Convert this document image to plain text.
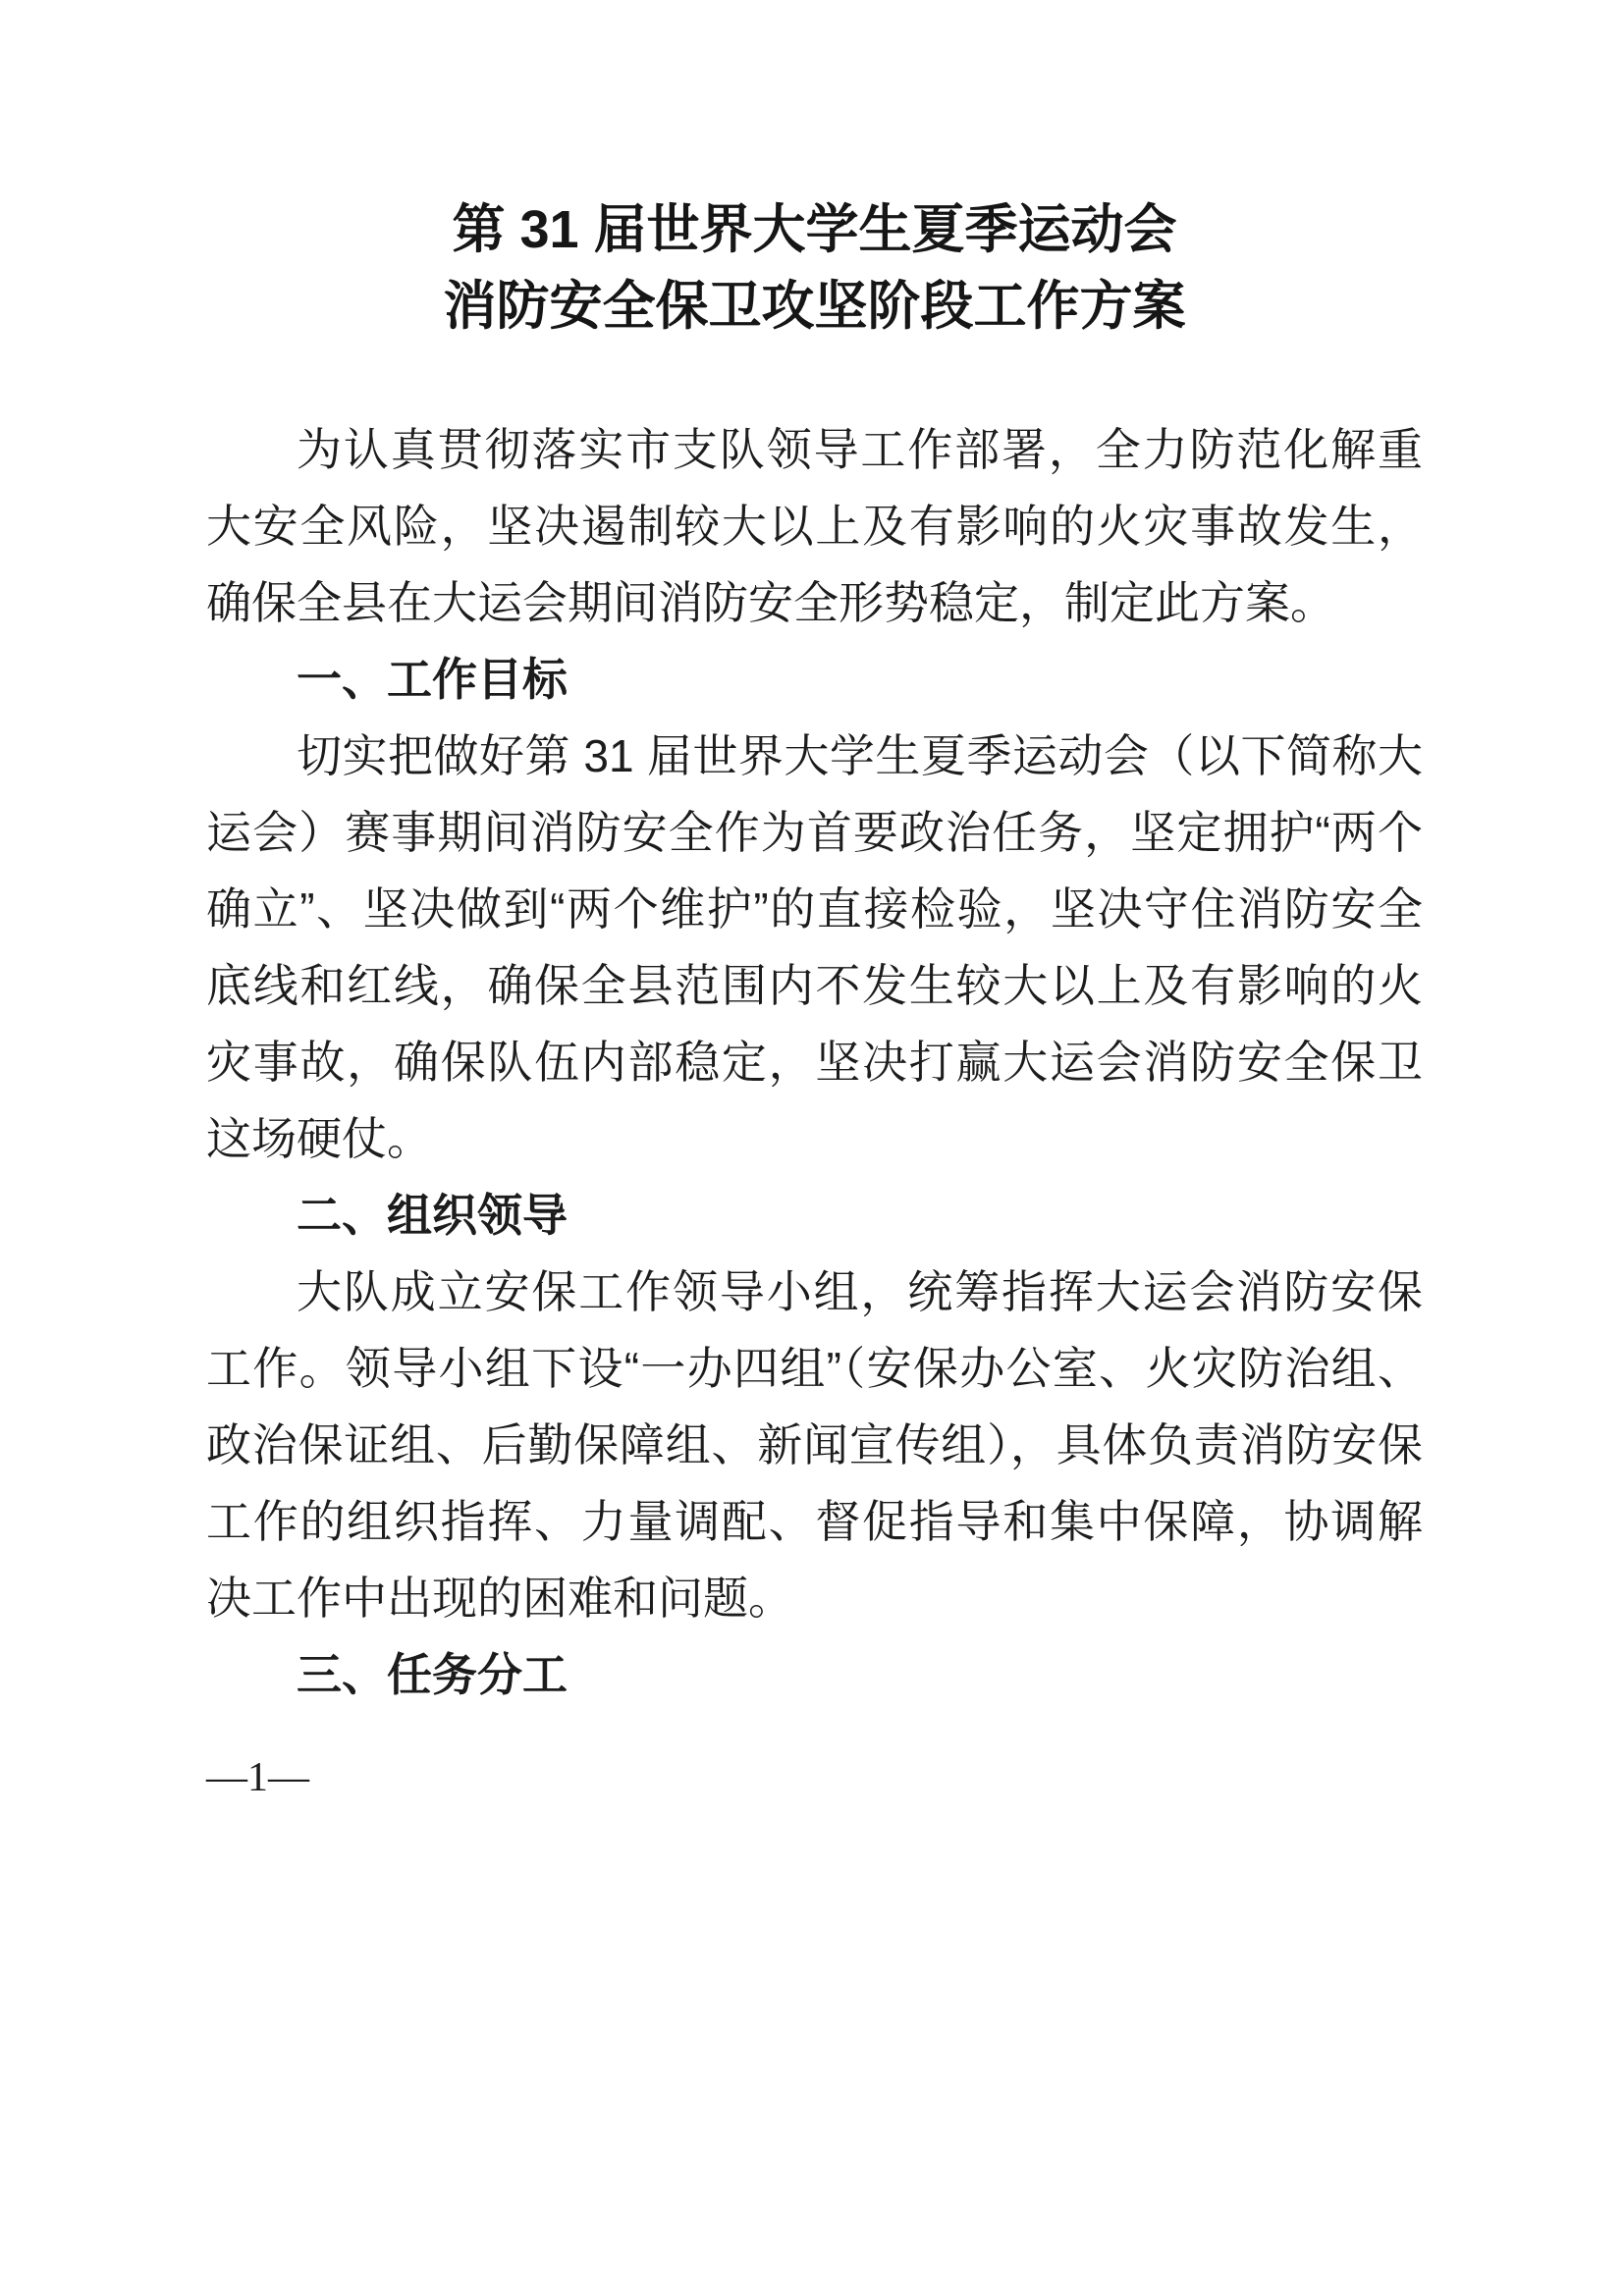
第 31 届世界大学生夏季运动会
消防安全保卫攻坚阶段工作方案

为认真贯彻落实市支队领导工作部署，全力防范化解重大安全风险，坚决遏制较大以上及有影响的火灾事故发生，确保全县在大运会期间消防安全形势稳定，制定此方案。

一、工作目标

切实把做好第 31 届世界大学生夏季运动会（以下简称大运会）赛事期间消防安全作为首要政治任务，坚定拥护“两个确立”、坚决做到“两个维护”的直接检验，坚决守住消防安全底线和红线，确保全县范围内不发生较大以上及有影响的火灾事故，确保队伍内部稳定，坚决打赢大运会消防安全保卫这场硬仗。

二、组织领导

大队成立安保工作领导小组，统筹指挥大运会消防安保工作。领导小组下设“一办四组”（安保办公室、火灾防治组、政治保证组、后勤保障组、新闻宣传组），具体负责消防安保工作的组织指挥、力量调配、督促指导和集中保障，协调解决工作中出现的困难和问题。

三、任务分工

—1—
